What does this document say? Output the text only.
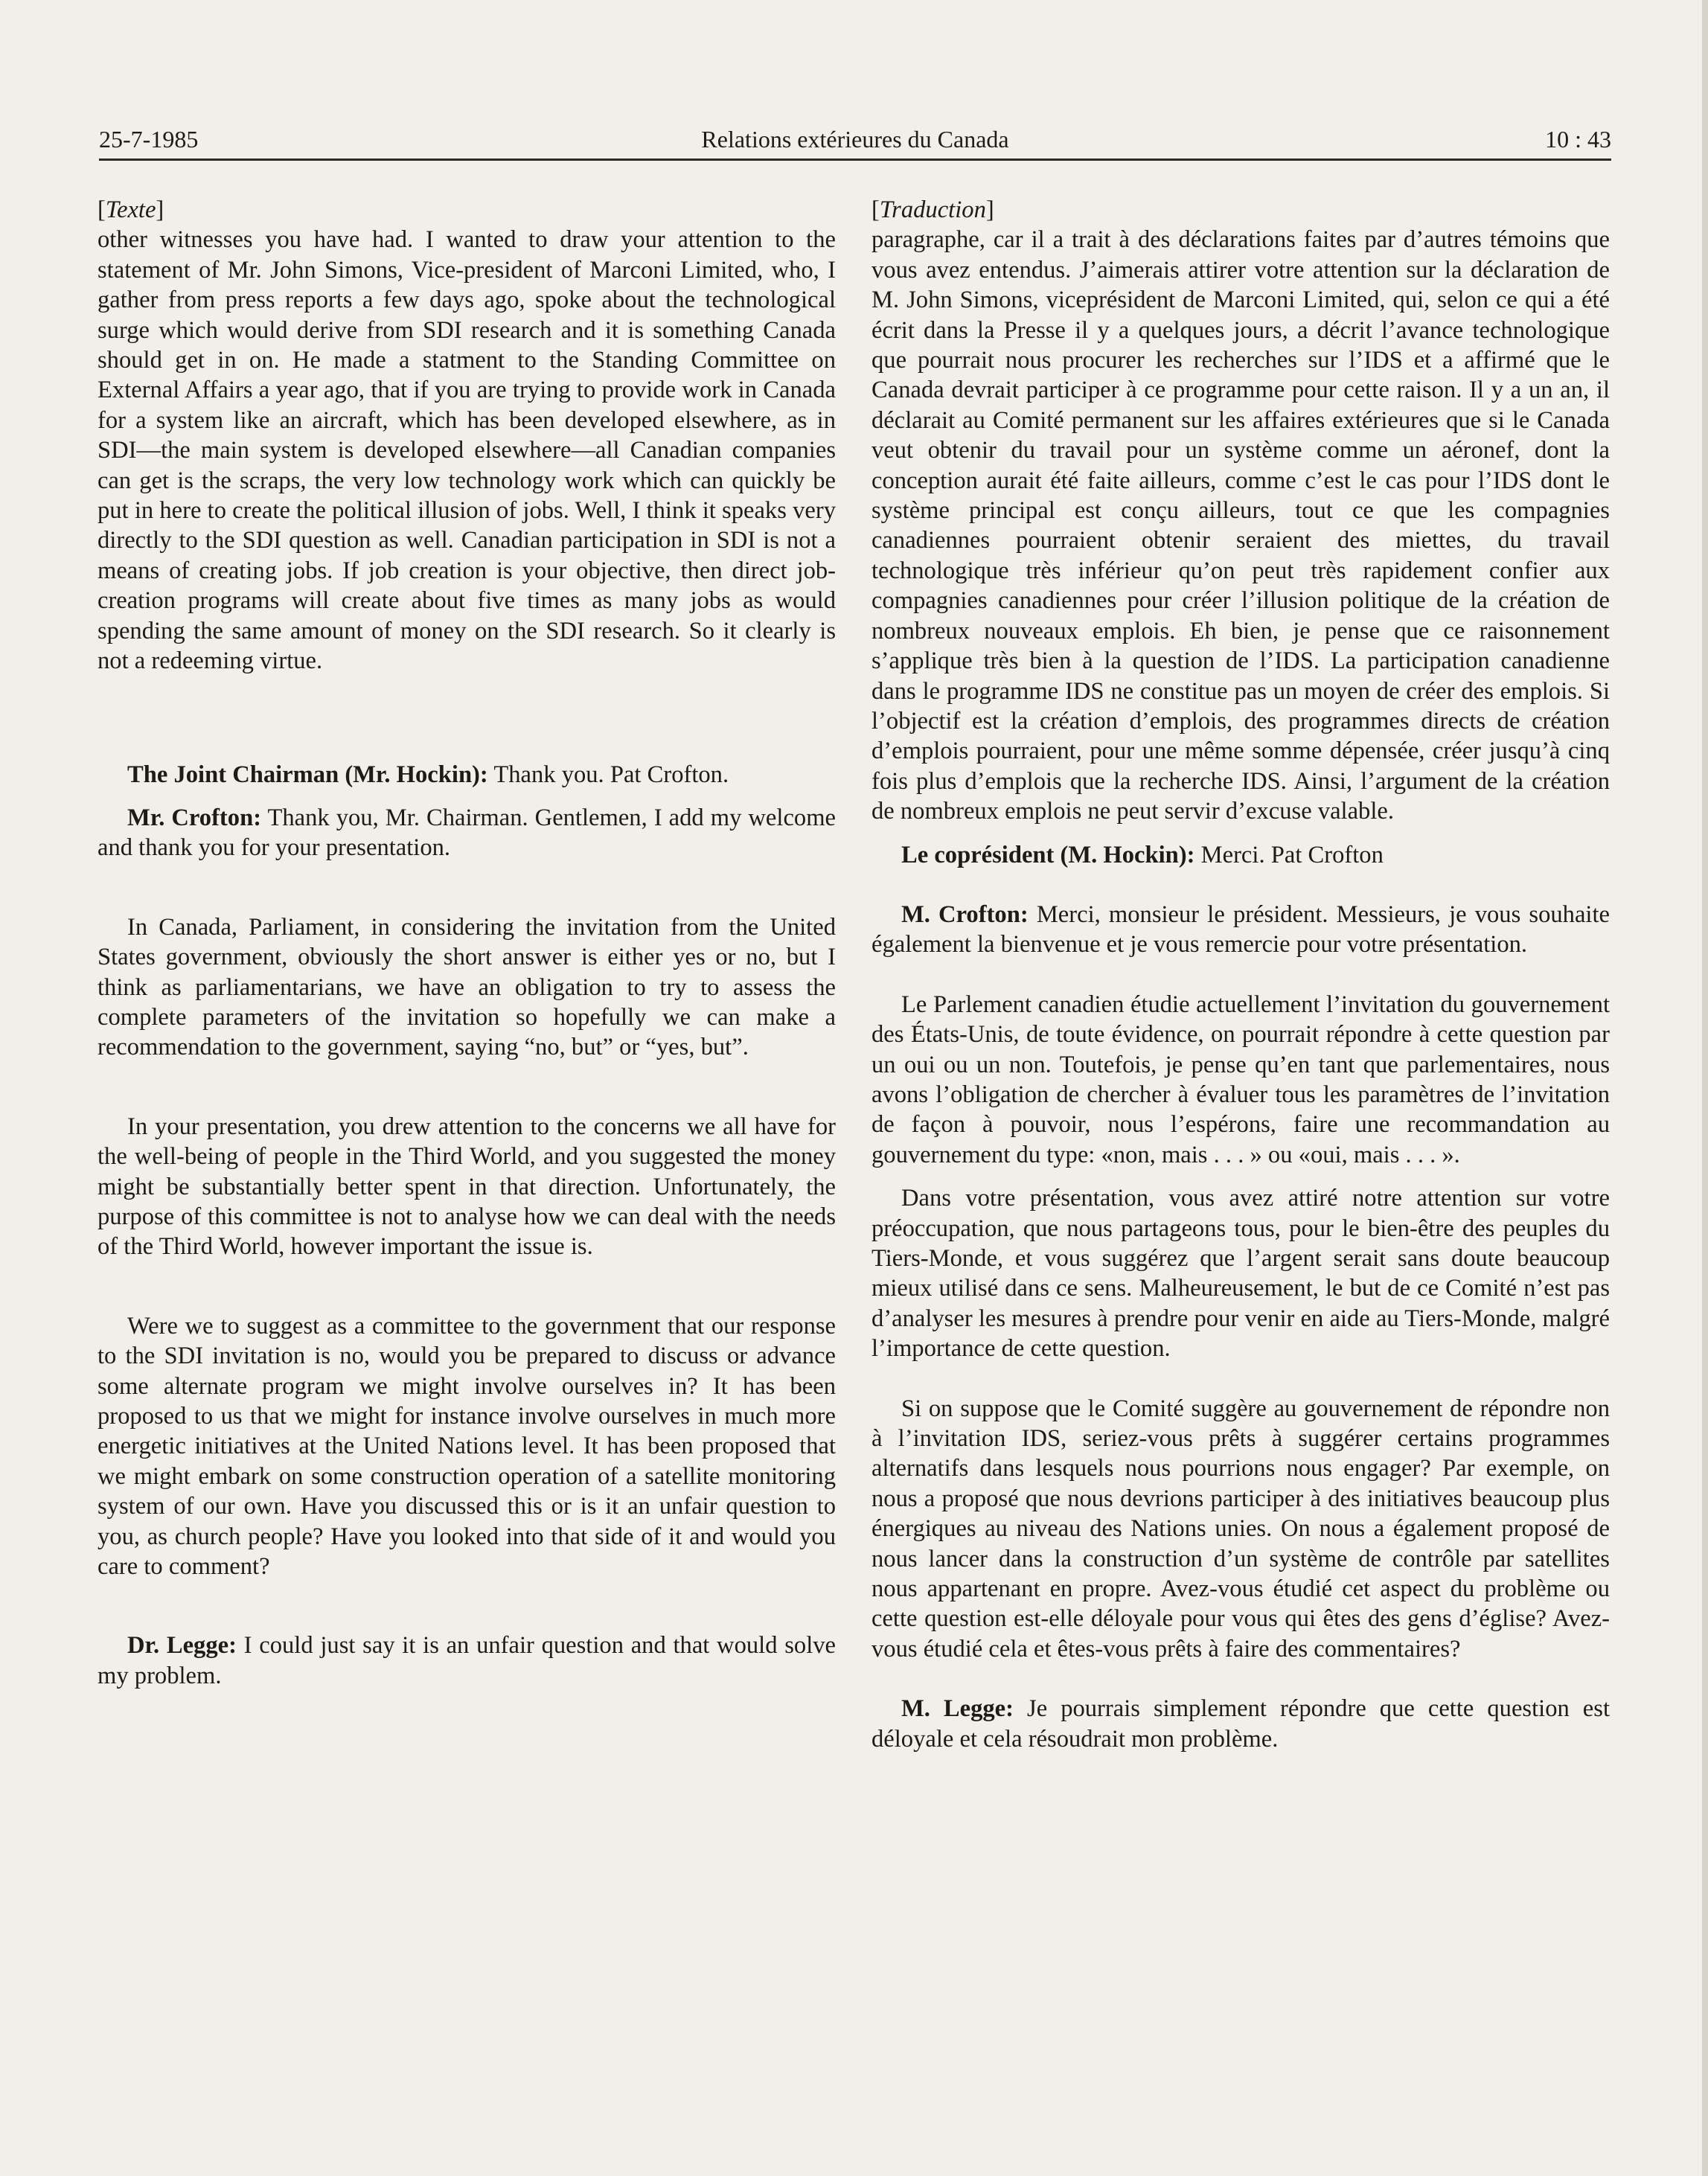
25-7-1985	Relations extérieures du Canada	10 : 43

[Texte]

other witnesses you have had. I wanted to draw your attention to the statement of Mr. John Simons, Vice-president of Marconi Limited, who, I gather from press reports a few days ago, spoke about the technological surge which would derive from SDI research and it is something Canada should get in on. He made a statment to the Standing Committee on External Affairs a year ago, that if you are trying to provide work in Canada for a system like an aircraft, which has been developed elsewhere, as in SDI—the main system is developed elsewhere—all Canadian companies can get is the scraps, the very low technology work which can quickly be put in here to create the political illusion of jobs. Well, I think it speaks very directly to the SDI question as well. Canadian participation in SDI is not a means of creating jobs. If job creation is your objective, then direct job-creation programs will create about five times as many jobs as would spending the same amount of money on the SDI research. So it clearly is not a redeeming virtue.

The Joint Chairman (Mr. Hockin): Thank you. Pat Crofton.

Mr. Crofton: Thank you, Mr. Chairman. Gentlemen, I add my welcome and thank you for your presentation.

In Canada, Parliament, in considering the invitation from the United States government, obviously the short answer is either yes or no, but I think as parliamentarians, we have an obligation to try to assess the complete parameters of the invitation so hopefully we can make a recommendation to the government, saying “no, but” or “yes, but”.

In your presentation, you drew attention to the concerns we all have for the well-being of people in the Third World, and you suggested the money might be substantially better spent in that direction. Unfortunately, the purpose of this committee is not to analyse how we can deal with the needs of the Third World, however important the issue is.

Were we to suggest as a committee to the government that our response to the SDI invitation is no, would you be prepared to discuss or advance some alternate program we might involve ourselves in? It has been proposed to us that we might for instance involve ourselves in much more energetic initiatives at the United Nations level. It has been proposed that we might embark on some construction operation of a satellite monitoring system of our own. Have you discussed this or is it an unfair question to you, as church people? Have you looked into that side of it and would you care to comment?

Dr. Legge: I could just say it is an unfair question and that would solve my problem.

[Traduction]

paragraphe, car il a trait à des déclarations faites par d’autres témoins que vous avez entendus. J’aimerais attirer votre attention sur la déclaration de M. John Simons, viceprésident de Marconi Limited, qui, selon ce qui a été écrit dans la Presse il y a quelques jours, a décrit l’avance technologique que pourrait nous procurer les recherches sur l’IDS et a affirmé que le Canada devrait participer à ce programme pour cette raison. Il y a un an, il déclarait au Comité permanent sur les affaires extérieures que si le Canada veut obtenir du travail pour un système comme un aéronef, dont la conception aurait été faite ailleurs, comme c’est le cas pour l’IDS dont le système principal est conçu ailleurs, tout ce que les compagnies canadiennes pourraient obtenir seraient des miettes, du travail technologique très inférieur qu’on peut très rapidement confier aux compagnies canadiennes pour créer l’illusion politique de la création de nombreux nouveaux emplois. Eh bien, je pense que ce raisonnement s’applique très bien à la question de l’IDS. La participation canadienne dans le programme IDS ne constitue pas un moyen de créer des emplois. Si l’objectif est la création d’emplois, des programmes directs de création d’emplois pourraient, pour une même somme dépensée, créer jusqu’à cinq fois plus d’emplois que la recherche IDS. Ainsi, l’argument de la création de nombreux emplois ne peut servir d’excuse valable.

Le coprésident (M. Hockin): Merci. Pat Crofton

M. Crofton: Merci, monsieur le président. Messieurs, je vous souhaite également la bienvenue et je vous remercie pour votre présentation.

Le Parlement canadien étudie actuellement l’invitation du gouvernement des États-Unis, de toute évidence, on pourrait répondre à cette question par un oui ou un non. Toutefois, je pense qu’en tant que parlementaires, nous avons l’obligation de chercher à évaluer tous les paramètres de l’invitation de façon à pouvoir, nous l’espérons, faire une recommandation au gouvernement du type: «non, mais . . . » ou «oui, mais . . . ».

Dans votre présentation, vous avez attiré notre attention sur votre préoccupation, que nous partageons tous, pour le bien-être des peuples du Tiers-Monde, et vous suggérez que l’argent serait sans doute beaucoup mieux utilisé dans ce sens. Malheureusement, le but de ce Comité n’est pas d’analyser les mesures à prendre pour venir en aide au Tiers-Monde, malgré l’importance de cette question.

Si on suppose que le Comité suggère au gouvernement de répondre non à l’invitation IDS, seriez-vous prêts à suggérer certains programmes alternatifs dans lesquels nous pourrions nous engager? Par exemple, on nous a proposé que nous devrions participer à des initiatives beaucoup plus énergiques au niveau des Nations unies. On nous a également proposé de nous lancer dans la construction d’un système de contrôle par satellites nous appartenant en propre. Avez-vous étudié cet aspect du problème ou cette question est-elle déloyale pour vous qui êtes des gens d’église? Avez-vous étudié cela et êtes-vous prêts à faire des commentaires?

M. Legge: Je pourrais simplement répondre que cette question est déloyale et cela résoudrait mon problème.
